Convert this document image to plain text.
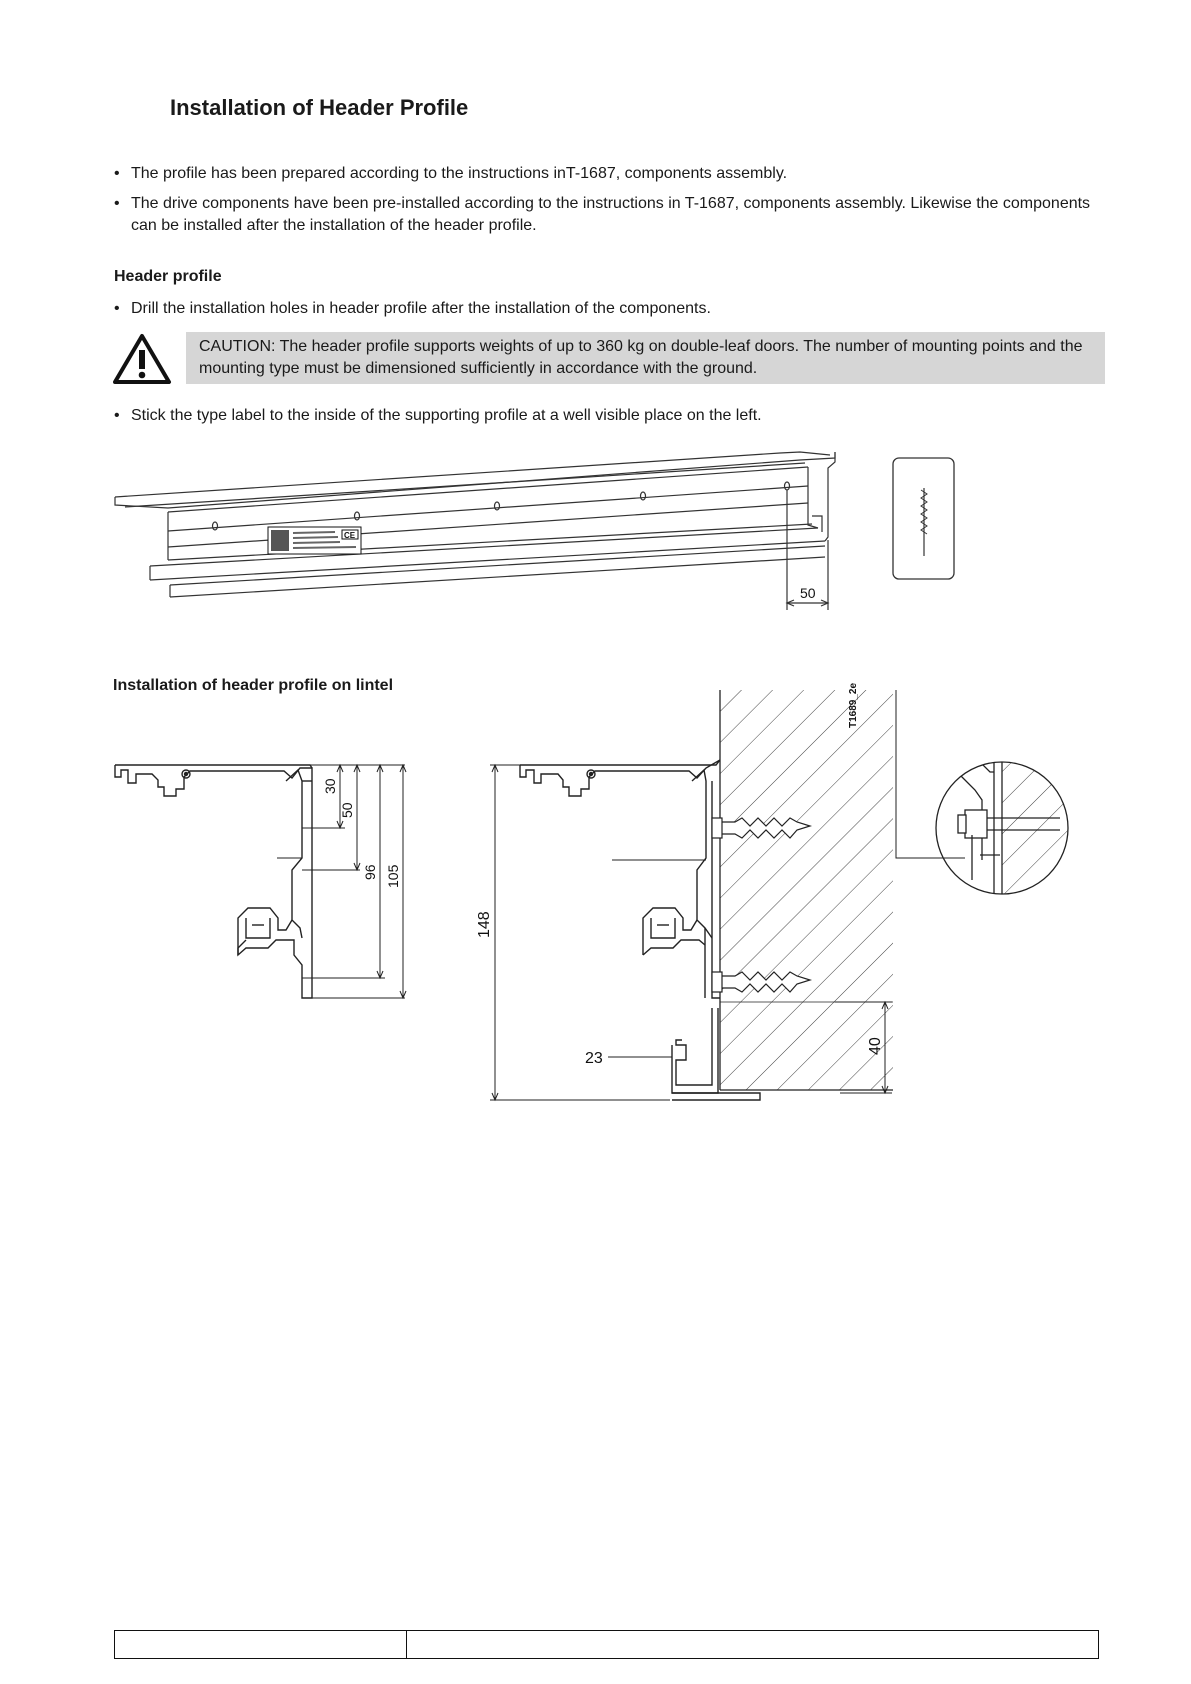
Installation of Header Profile
• The profile has been prepared according to the instructions inT-1687, components assembly.
• The drive components have been pre-installed according to the instructions in T-1687, components assembly. Likewise the components can be installed after the installation of the header profile.
Header profile
• Drill the installation holes in header profile after the installation of the components.
CAUTION: The header profile supports weights of up to 360 kg on double-leaf doors. The number of mounting points and the mounting type must be dimensioned sufficiently in accordance with the ground.
• Stick the type label to the inside of the supporting profile at a well visible place on the left.
CE
50
Installation of header profile on lintel
30
50
96 105
148
23
40
T1689_2e
